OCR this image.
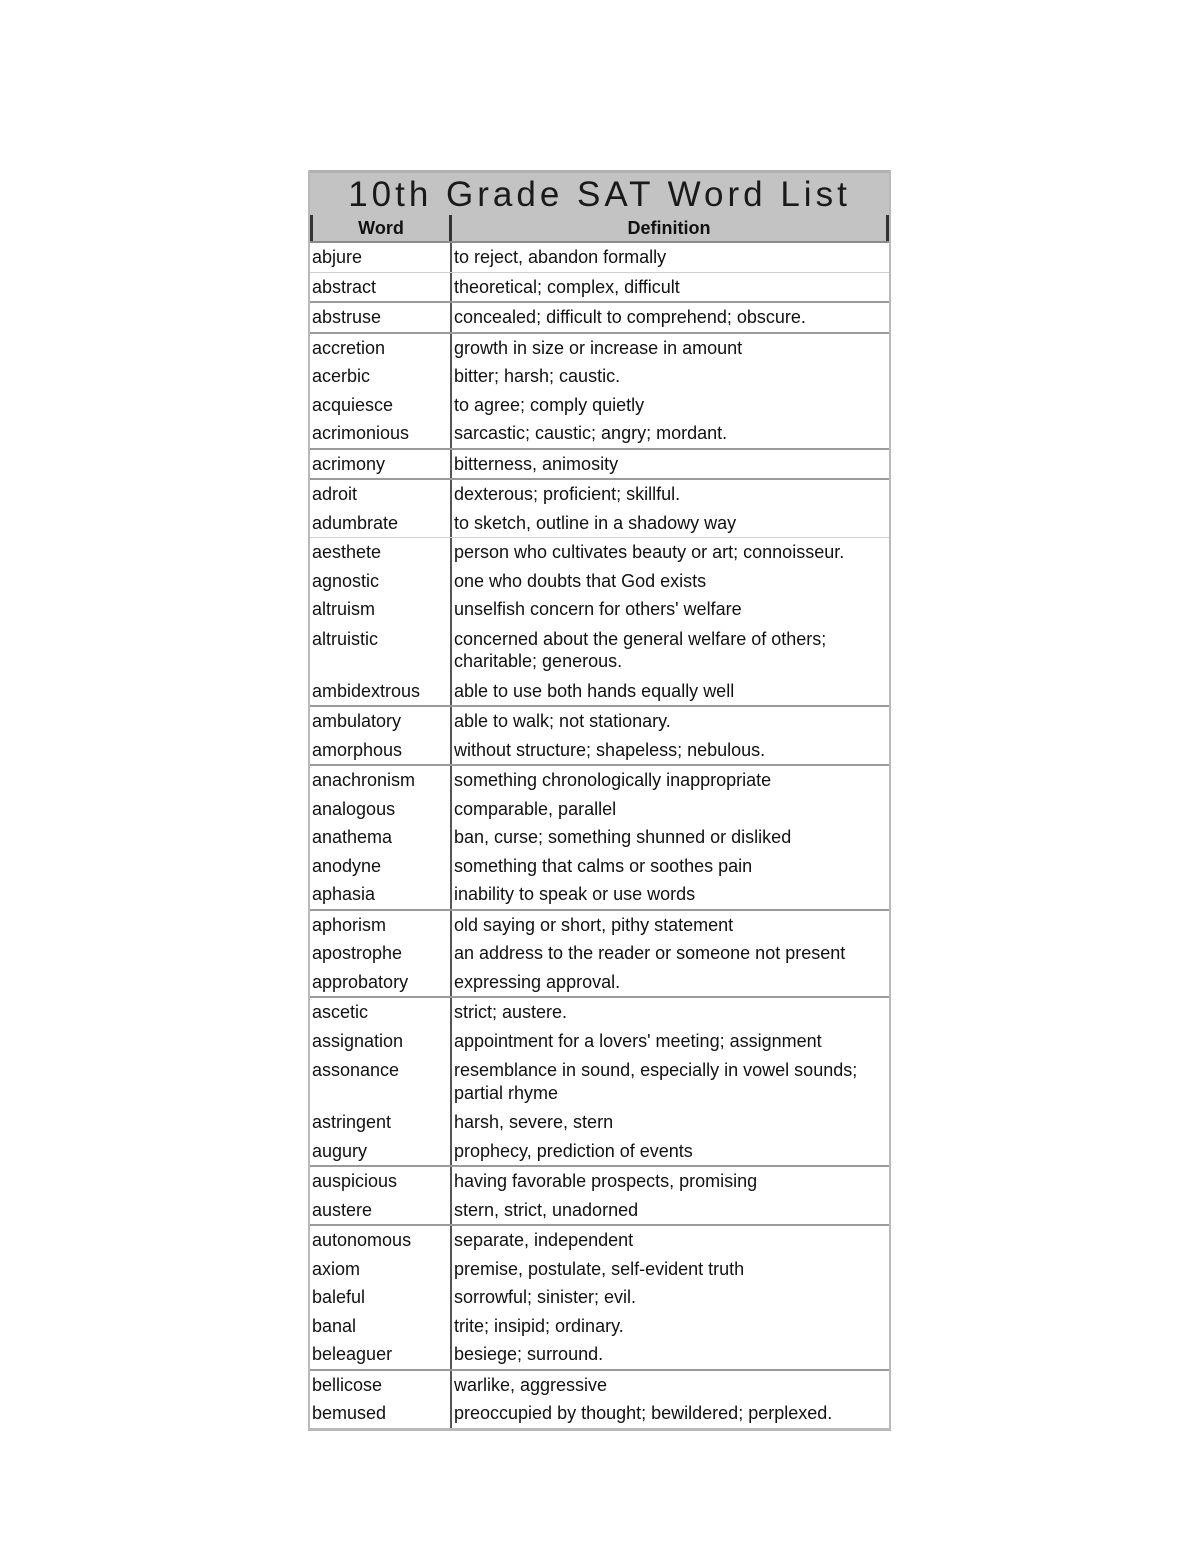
10th Grade SAT Word List
Word	Definition
abjure	to reject, abandon formally
abstract	theoretical; complex, difficult
abstruse	concealed; difficult to comprehend; obscure.
accretion	growth in size or increase in amount
acerbic	bitter; harsh; caustic.
acquiesce	to agree; comply quietly
acrimonious	sarcastic; caustic; angry; mordant.
acrimony	bitterness, animosity
adroit	dexterous; proficient; skillful.
adumbrate	to sketch, outline in a shadowy way
aesthete	person who cultivates beauty or art; connoisseur.
agnostic	one who doubts that God exists
altruism	unselfish concern for others' welfare
altruistic	concerned about the general welfare of others; charitable; generous.
ambidextrous	able to use both hands equally well
ambulatory	able to walk; not stationary.
amorphous	without structure; shapeless; nebulous.
anachronism	something chronologically inappropriate
analogous	comparable, parallel
anathema	ban, curse; something shunned or disliked
anodyne	something that calms or soothes pain
aphasia	inability to speak or use words
aphorism	old saying or short, pithy statement
apostrophe	an address to the reader or someone not present
approbatory	expressing approval.
ascetic	strict; austere.
assignation	appointment for a lovers' meeting; assignment
assonance	resemblance in sound, especially in vowel sounds; partial rhyme
astringent	harsh, severe, stern
augury	prophecy, prediction of events
auspicious	having favorable prospects, promising
austere	stern, strict, unadorned
autonomous	separate, independent
axiom	premise, postulate, self-evident truth
baleful	sorrowful; sinister; evil.
banal	trite; insipid; ordinary.
beleaguer	besiege; surround.
bellicose	warlike, aggressive
bemused	preoccupied by thought; bewildered; perplexed.
